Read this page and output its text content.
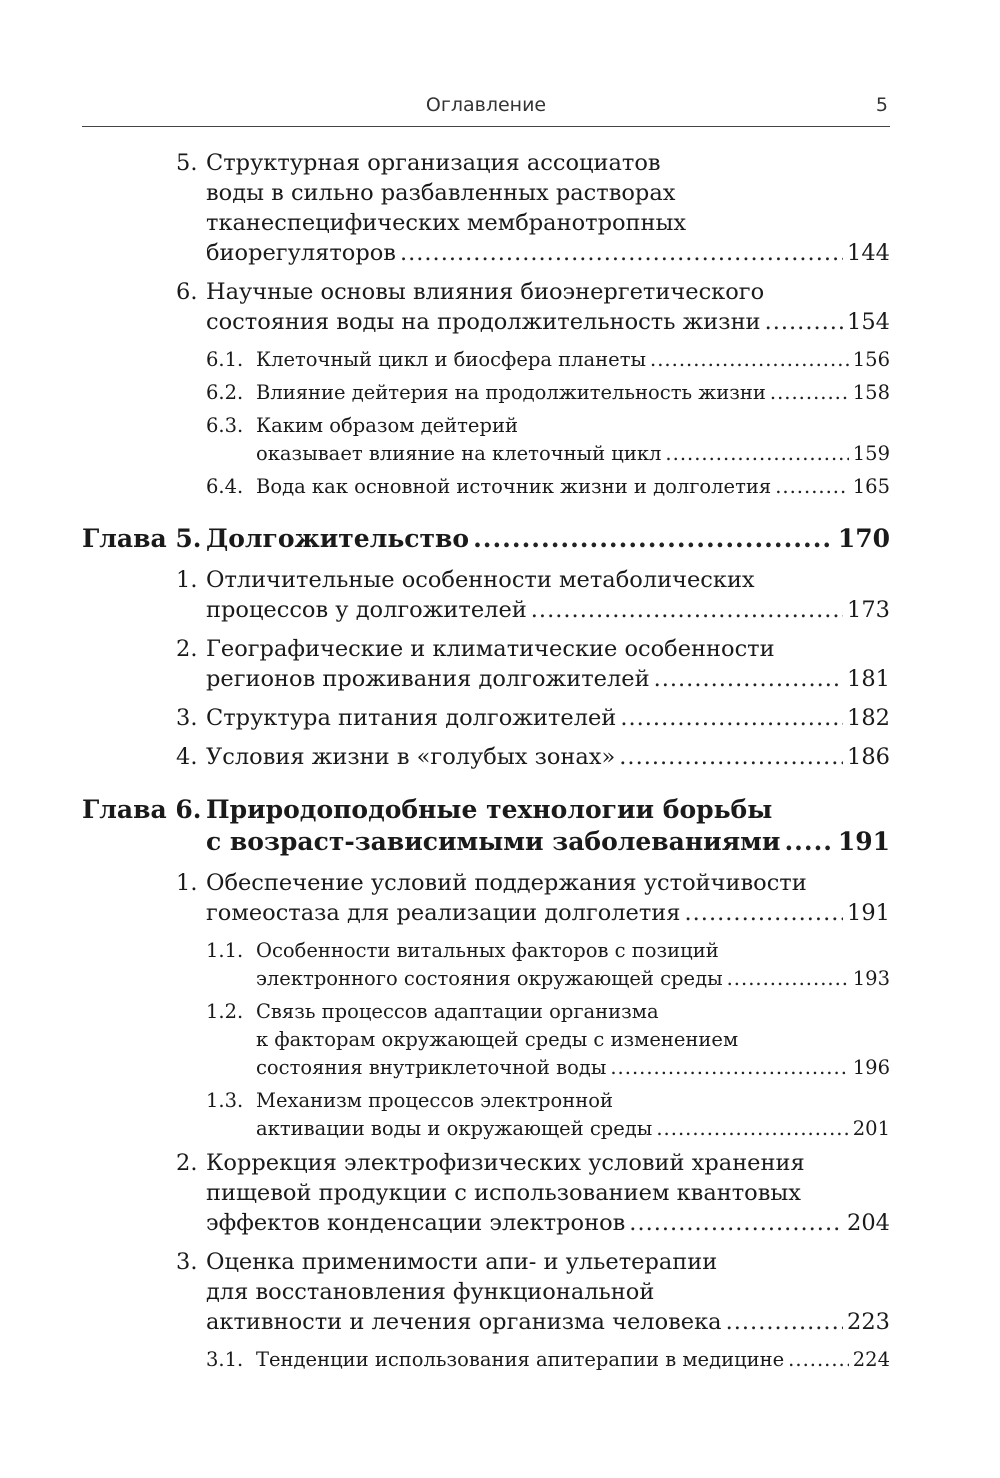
Оглавление	5
5. Структурная организация ассоциатов
воды в сильно разбавленных растворах
тканеспецифических мембранотропных
биорегуляторов .....	144
6. Научные основы влияния биоэнергетического
состояния воды на продолжительность жизни .....	154
6.1. Клеточный цикл и биосфера планеты .....	156
6.2. Влияние дейтерия на продолжительность жизни .....	158
6.3. Каким образом дейтерий
оказывает влияние на клеточный цикл .....	159
6.4. Вода как основной источник жизни и долголетия .....	165
Глава 5. Долгожительство .....	170
1. Отличительные особенности метаболических
процессов у долгожителей .....	173
2. Географические и климатические особенности
регионов проживания долгожителей .....	181
3. Структура питания долгожителей .....	182
4. Условия жизни в «голубых зонах» .....	186
Глава 6. Природоподобные технологии борьбы
с возраст-зависимыми заболеваниями ..... 191
1. Обеспечение условий поддержания устойчивости
гомеостаза для реализации долголетия .....	191
1.1. Особенности витальных факторов с позиций
электронного состояния окружающей среды .....	193
1.2. Связь процессов адаптации организма
к факторам окружающей среды с изменением
состояния внутриклеточной воды .....	196
1.3. Механизм процессов электронной
активации воды и окружающей среды .....	201
2. Коррекция электрофизических условий хранения
пищевой продукции с использованием квантовых
эффектов конденсации электронов .....	204
3. Оценка применимости апи- и ульетерапии
для восстановления функциональной
активности и лечения организма человека .....	223
3.1. Тенденции использования апитерапии в медицине .....	224
